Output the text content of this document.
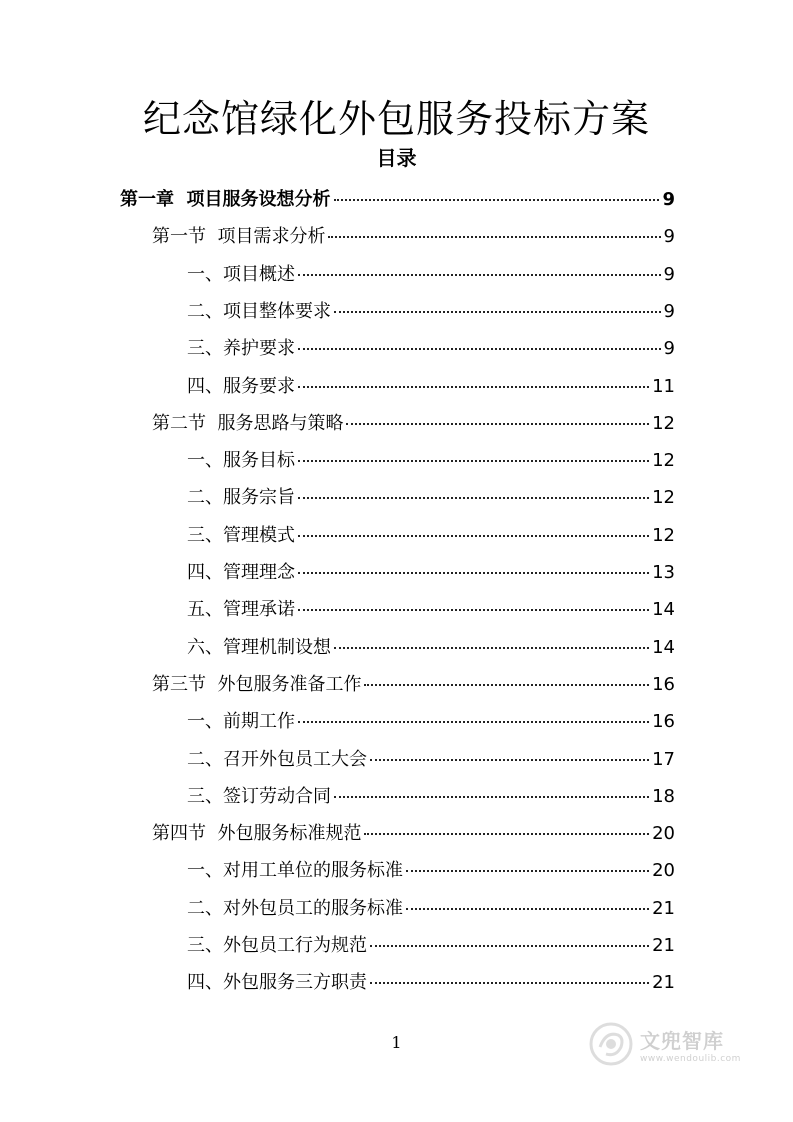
纪念馆绿化外包服务投标方案
目录
第一章  项目服务设想分析	9
第一节  项目需求分析	9
一、项目概述	9
二、项目整体要求	9
三、养护要求	9
四、服务要求	11
第二节  服务思路与策略	12
一、服务目标	12
二、服务宗旨	12
三、管理模式	12
四、管理理念	13
五、管理承诺	14
六、管理机制设想	14
第三节  外包服务准备工作	16
一、前期工作	16
二、召开外包员工大会	17
三、签订劳动合同	18
第四节  外包服务标准规范	20
一、对用工单位的服务标准	20
二、对外包员工的服务标准	21
三、外包员工行为规范	21
四、外包服务三方职责	21
1	文兜智库
www.wendoulib.com
